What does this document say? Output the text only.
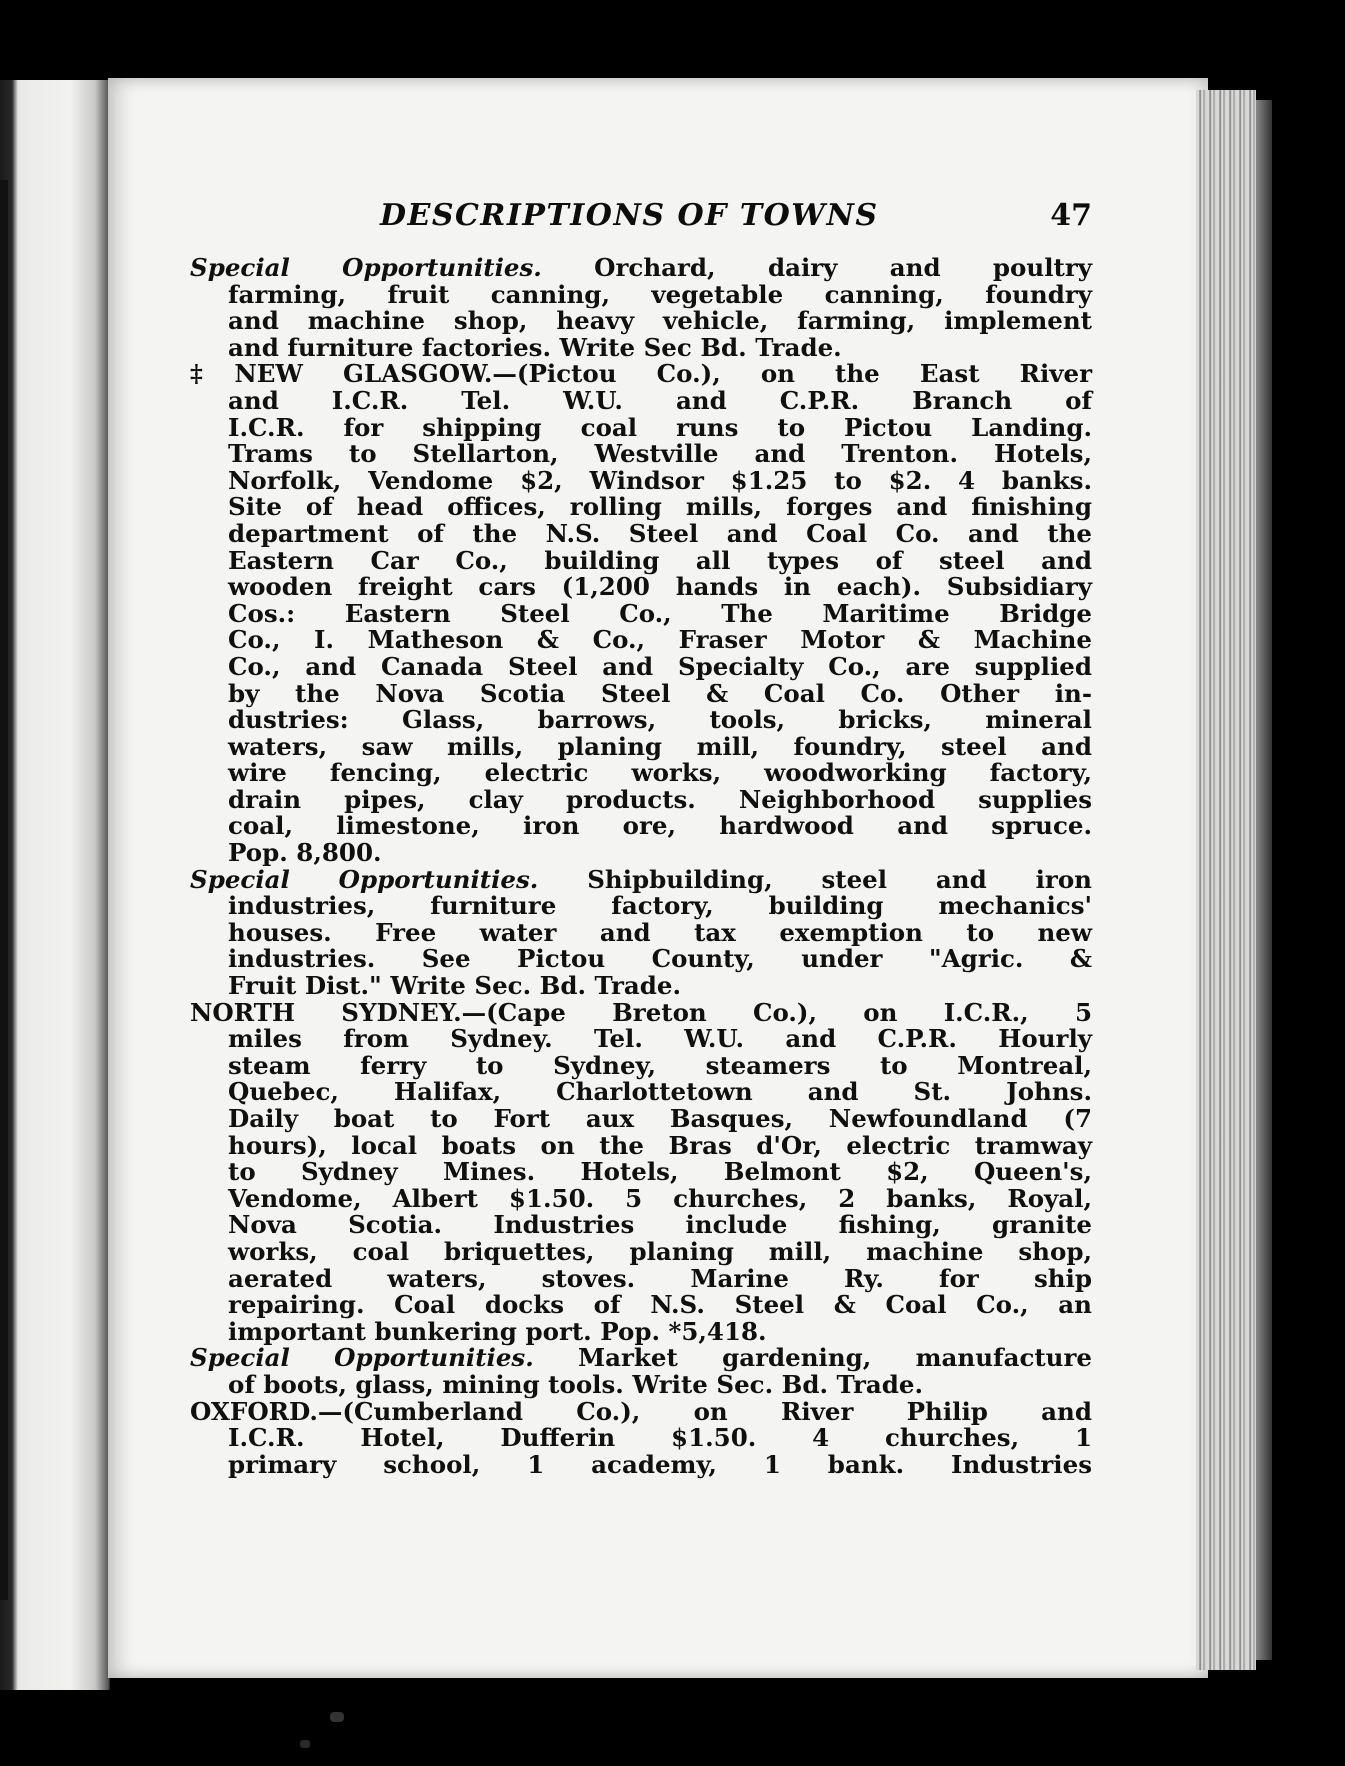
DESCRIPTIONS OF TOWNS	47
Special Opportunities. Orchard, dairy and poultry
farming, fruit canning, vegetable canning, foundry
and machine shop, heavy vehicle, farming, implement
and furniture factories. Write Sec Bd. Trade.
‡NEW GLASGOW.—(Pictou Co.), on the East River
and I.C.R. Tel. W.U. and C.P.R. Branch of
I.C.R. for shipping coal runs to Pictou Landing.
Trams to Stellarton, Westville and Trenton. Hotels,
Norfolk, Vendome $2, Windsor $1.25 to $2. 4 banks.
Site of head offices, rolling mills, forges and finishing
department of the N.S. Steel and Coal Co. and the
Eastern Car Co., building all types of steel and
wooden freight cars (1,200 hands in each). Subsidiary
Cos.: Eastern Steel Co., The Maritime Bridge
Co., I. Matheson & Co., Fraser Motor & Machine
Co., and Canada Steel and Specialty Co., are supplied
by the Nova Scotia Steel & Coal Co. Other in-
dustries: Glass, barrows, tools, bricks, mineral
waters, saw mills, planing mill, foundry, steel and
wire fencing, electric works, woodworking factory,
drain pipes, clay products. Neighborhood supplies
coal, limestone, iron ore, hardwood and spruce.
Pop. 8,800.
Special Opportunities. Shipbuilding, steel and iron
industries, furniture factory, building mechanics'
houses. Free water and tax exemption to new
industries. See Pictou County, under "Agric. &
Fruit Dist." Write Sec. Bd. Trade.
NORTH SYDNEY.—(Cape Breton Co.), on I.C.R., 5
miles from Sydney. Tel. W.U. and C.P.R. Hourly
steam ferry to Sydney, steamers to Montreal,
Quebec, Halifax, Charlottetown and St. Johns.
Daily boat to Fort aux Basques, Newfoundland (7
hours), local boats on the Bras d'Or, electric tramway
to Sydney Mines. Hotels, Belmont $2, Queen's,
Vendome, Albert $1.50. 5 churches, 2 banks, Royal,
Nova Scotia. Industries include fishing, granite
works, coal briquettes, planing mill, machine shop,
aerated waters, stoves. Marine Ry. for ship
repairing. Coal docks of N.S. Steel & Coal Co., an
important bunkering port. Pop. *5,418.
Special Opportunities. Market gardening, manufacture
of boots, glass, mining tools. Write Sec. Bd. Trade.
OXFORD.—(Cumberland Co.), on River Philip and
I.C.R. Hotel, Dufferin $1.50. 4 churches, 1
primary school, 1 academy, 1 bank. Industries
